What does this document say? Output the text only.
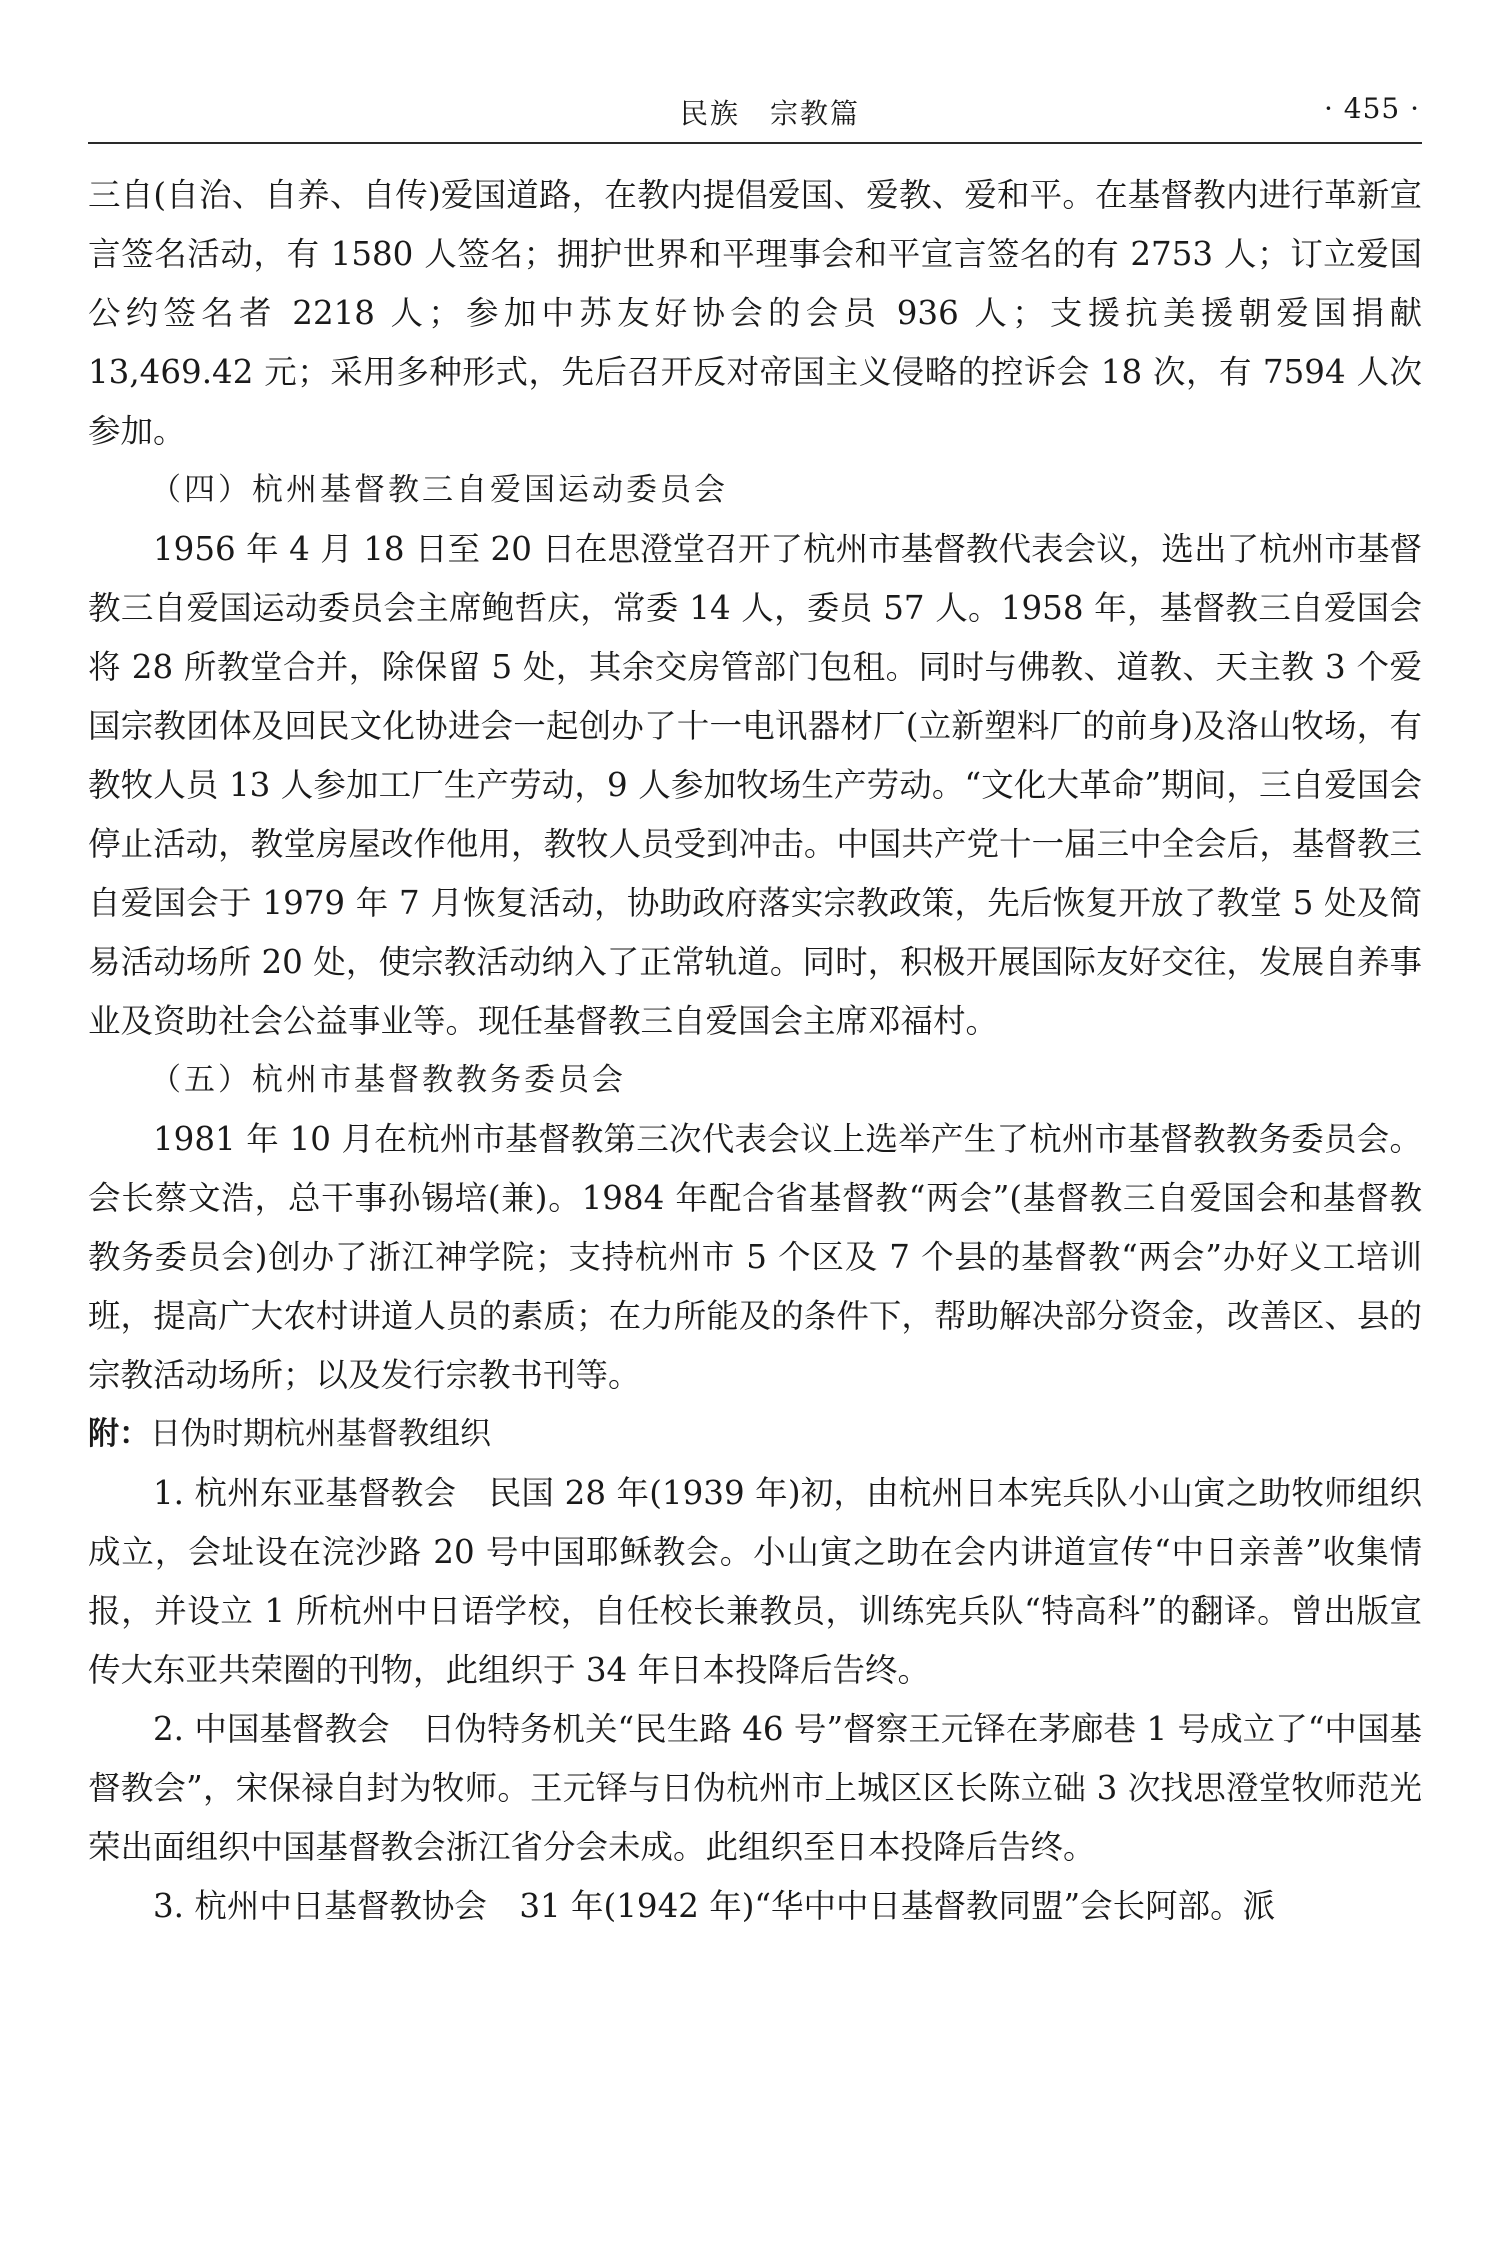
民族　宗教篇	· 455 ·

三自(自治、自养、自传)爱国道路，在教内提倡爱国、爱教、爱和平。在基督教内进行革新宣言签名活动，有 1580 人签名；拥护世界和平理事会和平宣言签名的有 2753 人；订立爱国公约签名者 2218 人；参加中苏友好协会的会员 936 人；支援抗美援朝爱国捐献 13,469.42 元；采用多种形式，先后召开反对帝国主义侵略的控诉会 18 次，有 7594 人次参加。

（四）杭州基督教三自爱国运动委员会

1956 年 4 月 18 日至 20 日在思澄堂召开了杭州市基督教代表会议，选出了杭州市基督教三自爱国运动委员会主席鲍哲庆，常委 14 人，委员 57 人。1958 年，基督教三自爱国会将 28 所教堂合并，除保留 5 处，其余交房管部门包租。同时与佛教、道教、天主教 3 个爱国宗教团体及回民文化协进会一起创办了十一电讯器材厂(立新塑料厂的前身)及洛山牧场，有教牧人员 13 人参加工厂生产劳动，9 人参加牧场生产劳动。“文化大革命”期间，三自爱国会停止活动，教堂房屋改作他用，教牧人员受到冲击。中国共产党十一届三中全会后，基督教三自爱国会于 1979 年 7 月恢复活动，协助政府落实宗教政策，先后恢复开放了教堂 5 处及简易活动场所 20 处，使宗教活动纳入了正常轨道。同时，积极开展国际友好交往，发展自养事业及资助社会公益事业等。现任基督教三自爱国会主席邓福村。

（五）杭州市基督教教务委员会

1981 年 10 月在杭州市基督教第三次代表会议上选举产生了杭州市基督教教务委员会。会长蔡文浩，总干事孙锡培(兼)。1984 年配合省基督教“两会”(基督教三自爱国会和基督教教务委员会)创办了浙江神学院；支持杭州市 5 个区及 7 个县的基督教“两会”办好义工培训班，提高广大农村讲道人员的素质；在力所能及的条件下，帮助解决部分资金，改善区、县的宗教活动场所；以及发行宗教书刊等。

附：日伪时期杭州基督教组织

1. 杭州东亚基督教会 民国 28 年(1939 年)初，由杭州日本宪兵队小山寅之助牧师组织成立，会址设在浣沙路 20 号中国耶稣教会。小山寅之助在会内讲道宣传“中日亲善”收集情报，并设立 1 所杭州中日语学校，自任校长兼教员，训练宪兵队“特高科”的翻译。曾出版宣传大东亚共荣圈的刊物，此组织于 34 年日本投降后告终。

2. 中国基督教会 日伪特务机关“民生路 46 号”督察王元铎在茅廊巷 1 号成立了“中国基督教会”，宋保禄自封为牧师。王元铎与日伪杭州市上城区区长陈立础 3 次找思澄堂牧师范光荣出面组织中国基督教会浙江省分会未成。此组织至日本投降后告终。

3. 杭州中日基督教协会 31 年(1942 年)“华中中日基督教同盟”会长阿部。派
